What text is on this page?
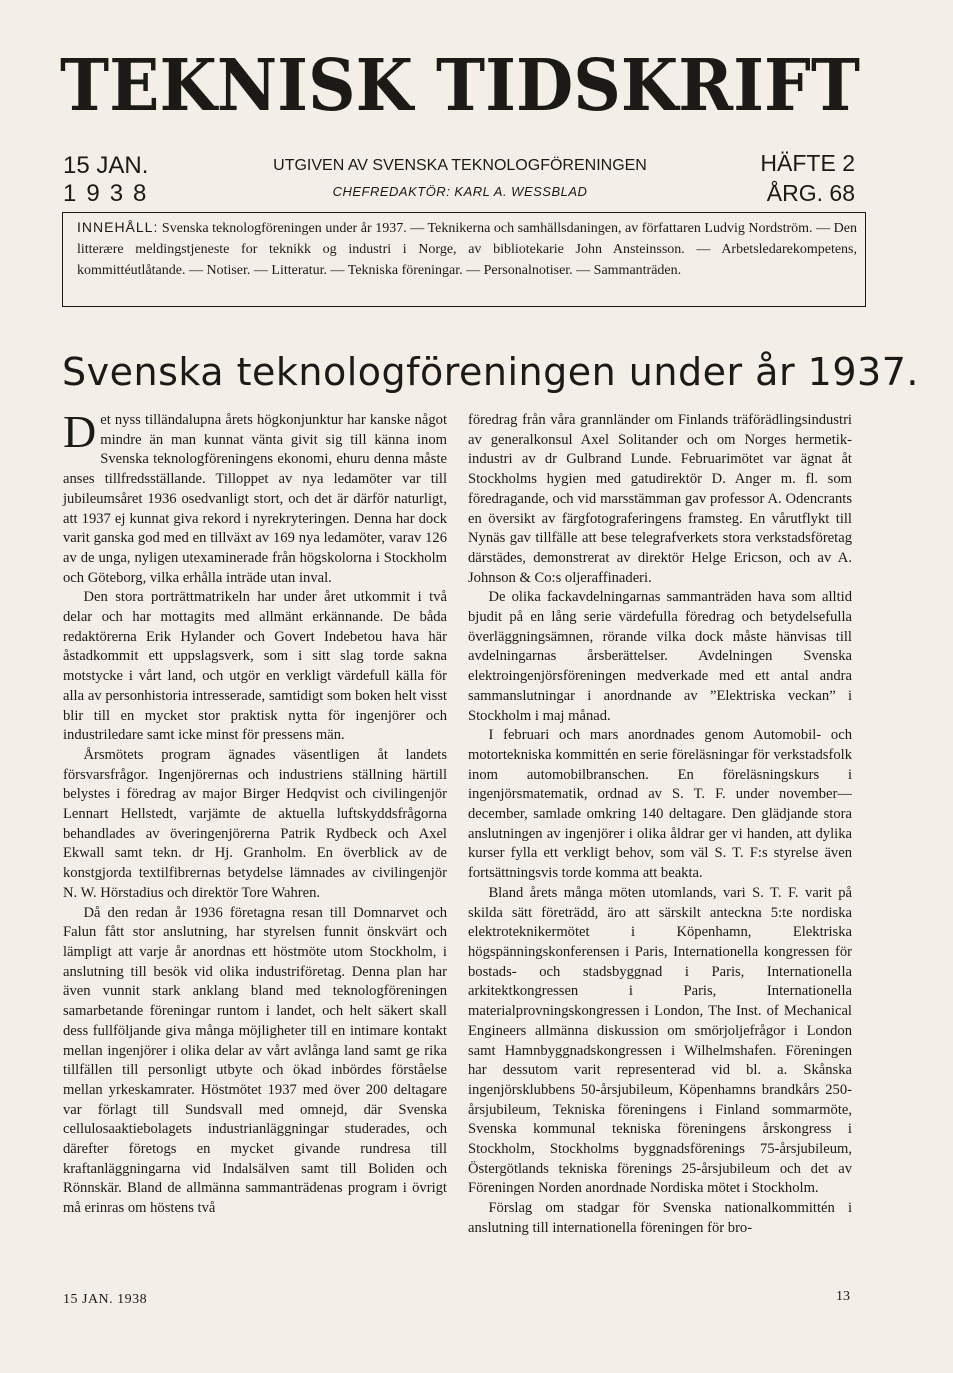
TEKNISK TIDSKRIFT
15 JAN.
1938
UTGIVEN AV SVENSKA TEKNOLOGFÖRENINGEN
CHEFREDAKTÖR: KARL A. WESSBLAD
HÄFTE 2
ÅRG. 68
INNEHÅLL: Svenska teknologföreningen under år 1937. — Teknikerna och samhällsdaningen, av författaren Ludvig Nordström. — Den litterære meldingstjeneste for teknikk og industri i Norge, av bibliotekarie John Ansteinsson. — Arbetsledarekompetens, kommittéutlåtande. — Notiser. — Litteratur. — Tekniska föreningar. — Personalnotiser. — Sammanträden.
Svenska teknologföreningen under år 1937.

Det nyss tilländalupna årets högkonjunktur har kanske något mindre än man kunnat vänta givit sig till känna inom Svenska teknologföreningens ekonomi, ehuru denna måste anses tillfredsställande. Tilloppet av nya ledamöter var till jubileumsåret 1936 osedvanligt stort, och det är därför naturligt, att 1937 ej kunnat giva rekord i nyrekryteringen. Denna har dock varit ganska god med en tillväxt av 169 nya ledamöter, varav 126 av de unga, nyligen utexaminerade från högskolorna i Stockholm och Göteborg, vilka erhålla inträde utan inval.

Den stora porträttmatrikeln har under året utkommit i två delar och har mottagits med allmänt erkännande. De båda redaktörerna Erik Hylander och Govert Indebetou hava här åstadkommit ett uppslagsverk, som i sitt slag torde sakna motstycke i vårt land, och utgör en verkligt värdefull källa för alla av personhistoria intresserade, samtidigt som boken helt visst blir till en mycket stor praktisk nytta för ingenjörer och industriledare samt icke minst för pressens män.

Årsmötets program ägnades väsentligen åt landets försvarsfrågor. Ingenjörernas och industriens ställning härtill belystes i föredrag av major Birger Hedqvist och civilingenjör Lennart Hellstedt, varjämte de aktuella luftskyddsfrågorna behandlades av överingenjörerna Patrik Rydbeck och Axel Ekwall samt tekn. dr Hj. Granholm. En överblick av de konstgjorda textilfibrernas betydelse lämnades av civilingenjör N. W. Hörstadius och direktör Tore Wahren.

Då den redan år 1936 företagna resan till Domnarvet och Falun fått stor anslutning, har styrelsen funnit önskvärt och lämpligt att varje år anordnas ett höstmöte utom Stockholm, i anslutning till besök vid olika industriföretag. Denna plan har även vunnit stark anklang bland med teknologföreningen samarbetande föreningar runtom i landet, och helt säkert skall dess fullföljande giva många möjligheter till en intimare kontakt mellan ingenjörer i olika delar av vårt avlånga land samt ge rika tillfällen till personligt utbyte och ökad inbördes förståelse mellan yrkeskamrater. Höstmötet 1937 med över 200 deltagare var förlagt till Sundsvall med omnejd, där Svenska cellulosaaktiebolagets industrianläggningar studerades, och därefter företogs en mycket givande rundresa till kraftanläggningarna vid Indalsälven samt till Boliden och Rönnskär. Bland de allmänna sammanträdenas program i övrigt må erinras om höstens två

föredrag från våra grannländer om Finlands träförädlingsindustri av generalkonsul Axel Solitander och om Norges hermetik-industri av dr Gulbrand Lunde. Februarimötet var ägnat åt Stockholms hygien med gatudirektör D. Anger m. fl. som föredragande, och vid marsstämman gav professor A. Odencrants en översikt av färgfotograferingens framsteg. En vårutflykt till Nynäs gav tillfälle att bese telegrafverkets stora verkstadsföretag därstädes, demonstrerat av direktör Helge Ericson, och av A. Johnson & Co:s oljeraffinaderi.

De olika fackavdelningarnas sammanträden hava som alltid bjudit på en lång serie värdefulla föredrag och betydelsefulla överläggningsämnen, rörande vilka dock måste hänvisas till avdelningarnas årsberättelser. Avdelningen Svenska elektroingenjörsföreningen medverkade med ett antal andra sammanslutningar i anordnande av ”Elektriska veckan” i Stockholm i maj månad.

I februari och mars anordnades genom Automobil- och motortekniska kommittén en serie föreläsningar för verkstadsfolk inom automobilbranschen. En föreläsningskurs i ingenjörsmatematik, ordnad av S. T. F. under november—december, samlade omkring 140 deltagare. Den glädjande stora anslutningen av ingenjörer i olika åldrar ger vi handen, att dylika kurser fylla ett verkligt behov, som väl S. T. F:s styrelse även fortsättningsvis torde komma att beakta.

Bland årets många möten utomlands, vari S. T. F. varit på skilda sätt företrädd, äro att särskilt anteckna 5:te nordiska elektroteknikermötet i Köpenhamn, Elektriska högspänningskonferensen i Paris, Internationella kongressen för bostads- och stadsbyggnad i Paris, Internationella arkitektkongressen i Paris, Internationella materialprovningskongressen i London, The Inst. of Mechanical Engineers allmänna diskussion om smörjoljefrågor i London samt Hamnbyggnadskongressen i Wilhelmshafen. Föreningen har dessutom varit representerad vid bl. a. Skånska ingenjörsklubbens 50-årsjubileum, Köpenhamns brandkårs 250-årsjubileum, Tekniska föreningens i Finland sommarmöte, Svenska kommunal tekniska föreningens årskongress i Stockholm, Stockholms byggnadsförenings 75-årsjubileum, Östergötlands tekniska förenings 25-årsjubileum och det av Föreningen Norden anordnade Nordiska mötet i Stockholm.

Förslag om stadgar för Svenska nationalkommittén i anslutning till internationella föreningen för bro-

15 JAN. 1938	13
